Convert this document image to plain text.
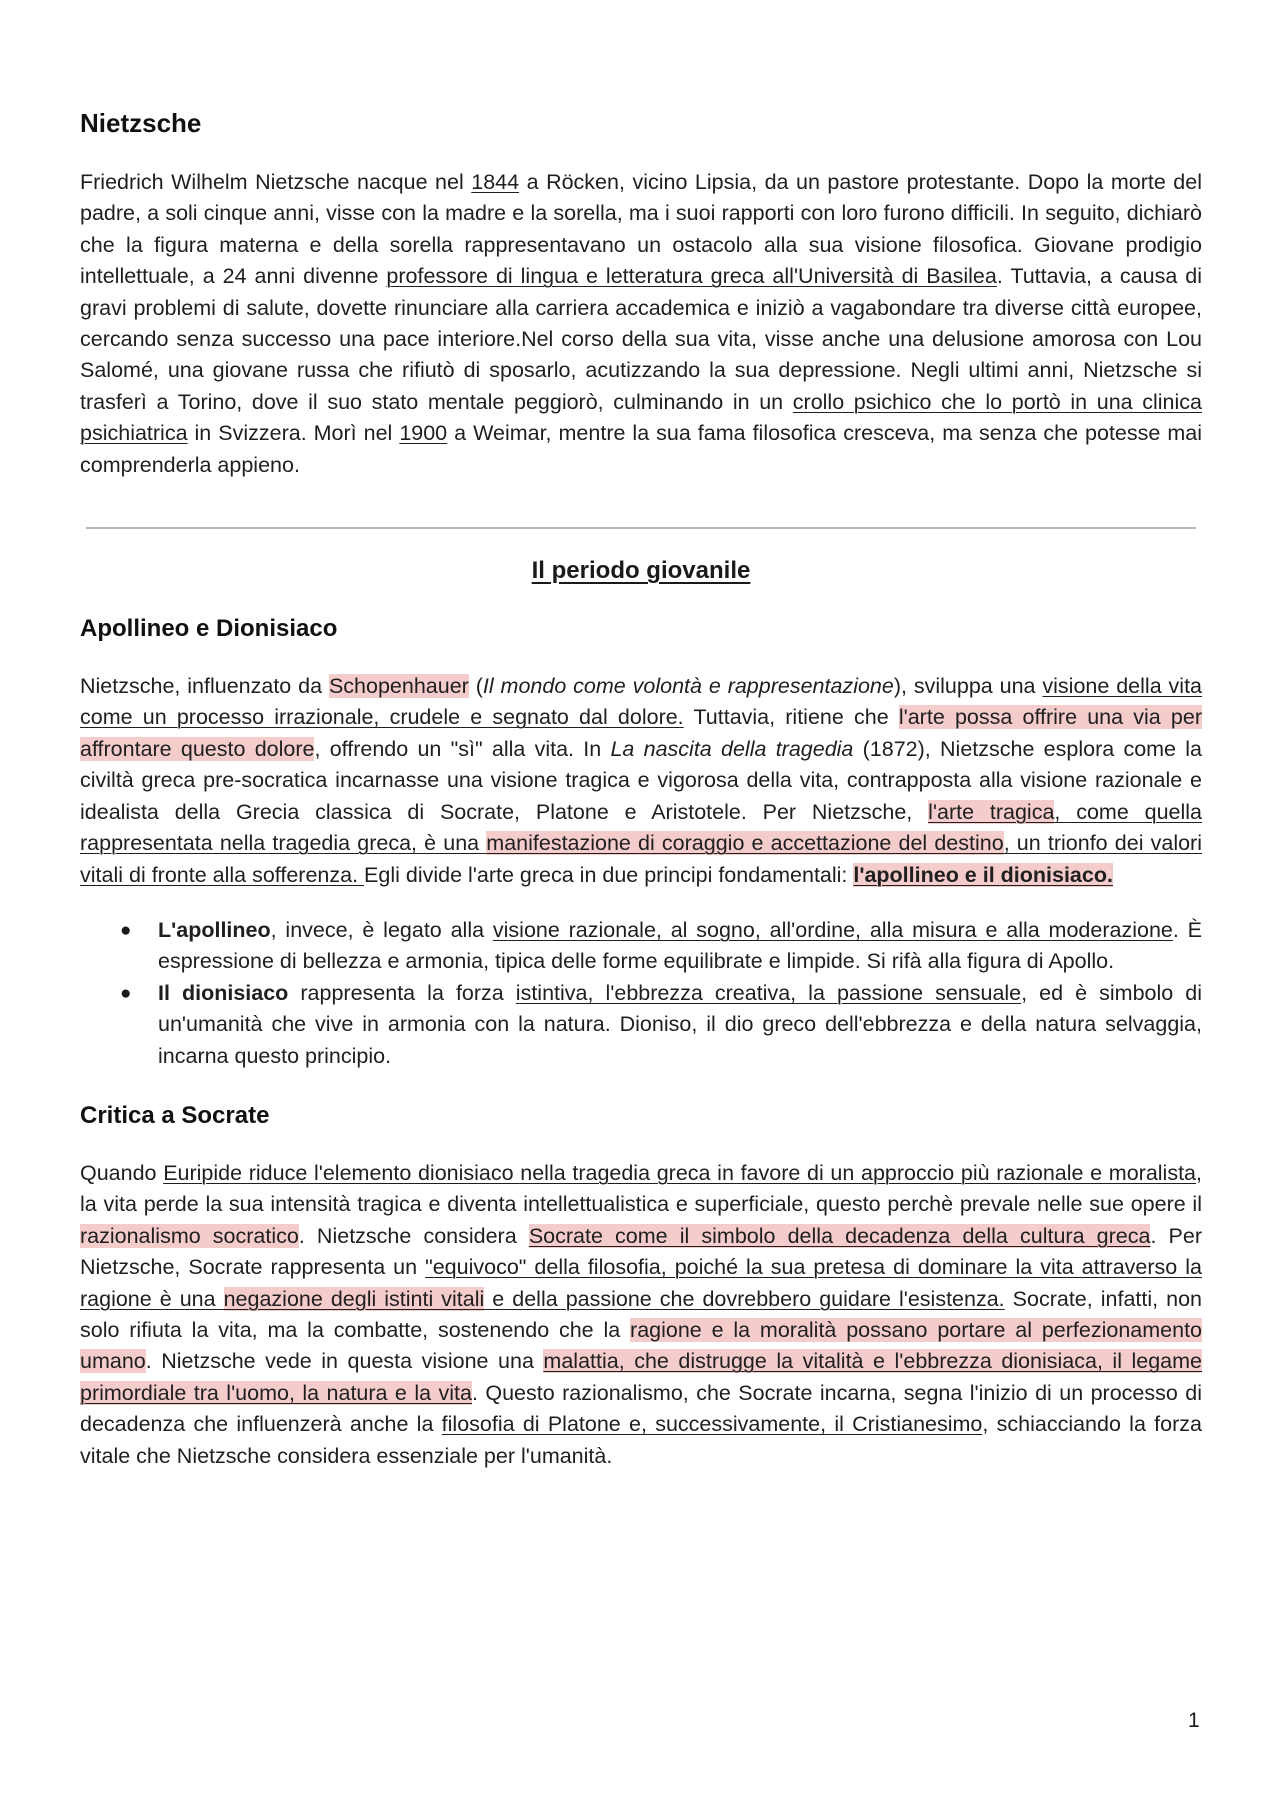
Nietzsche

Friedrich Wilhelm Nietzsche nacque nel 1844 a Röcken, vicino Lipsia, da un pastore protestante. Dopo la morte del padre, a soli cinque anni, visse con la madre e la sorella, ma i suoi rapporti con loro furono difficili. In seguito, dichiarò che la figura materna e della sorella rappresentavano un ostacolo alla sua visione filosofica. Giovane prodigio intellettuale, a 24 anni divenne professore di lingua e letteratura greca all'Università di Basilea. Tuttavia, a causa di gravi problemi di salute, dovette rinunciare alla carriera accademica e iniziò a vagabondare tra diverse città europee, cercando senza successo una pace interiore.Nel corso della sua vita, visse anche una delusione amorosa con Lou Salomé, una giovane russa che rifiutò di sposarlo, acutizzando la sua depressione. Negli ultimi anni, Nietzsche si trasferì a Torino, dove il suo stato mentale peggiorò, culminando in un crollo psichico che lo portò in una clinica psichiatrica in Svizzera. Morì nel 1900 a Weimar, mentre la sua fama filosofica cresceva, ma senza che potesse mai comprenderla appieno.

Il periodo giovanile
Apollineo e Dionisiaco

Nietzsche, influenzato da Schopenhauer (Il mondo come volontà e rappresentazione), sviluppa una visione della vita come un processo irrazionale, crudele e segnato dal dolore. Tuttavia, ritiene che l'arte possa offrire una via per affrontare questo dolore, offrendo un "sì" alla vita. In La nascita della tragedia (1872), Nietzsche esplora come la civiltà greca pre-socratica incarnasse una visione tragica e vigorosa della vita, contrapposta alla visione razionale e idealista della Grecia classica di Socrate, Platone e Aristotele. Per Nietzsche, l'arte tragica, come quella rappresentata nella tragedia greca, è una manifestazione di coraggio e accettazione del destino, un trionfo dei valori vitali di fronte alla sofferenza. Egli divide l'arte greca in due principi fondamentali: l'apollineo e il dionisiaco.

● L'apollineo, invece, è legato alla visione razionale, al sogno, all'ordine, alla misura e alla moderazione. È espressione di bellezza e armonia, tipica delle forme equilibrate e limpide. Si rifà alla figura di Apollo.

● Il dionisiaco rappresenta la forza istintiva, l'ebbrezza creativa, la passione sensuale, ed è simbolo di un'umanità che vive in armonia con la natura. Dioniso, il dio greco dell'ebbrezza e della natura selvaggia, incarna questo principio.

Critica a Socrate

Quando Euripide riduce l'elemento dionisiaco nella tragedia greca in favore di un approccio più razionale e moralista, la vita perde la sua intensità tragica e diventa intellettualistica e superficiale, questo perchè prevale nelle sue opere il razionalismo socratico. Nietzsche considera Socrate come il simbolo della decadenza della cultura greca. Per Nietzsche, Socrate rappresenta un "equivoco" della filosofia, poiché la sua pretesa di dominare la vita attraverso la ragione è una negazione degli istinti vitali e della passione che dovrebbero guidare l'esistenza. Socrate, infatti, non solo rifiuta la vita, ma la combatte, sostenendo che la ragione e la moralità possano portare al perfezionamento umano. Nietzsche vede in questa visione una malattia, che distrugge la vitalità e l'ebbrezza dionisiaca, il legame primordiale tra l'uomo, la natura e la vita. Questo razionalismo, che Socrate incarna, segna l'inizio di un processo di decadenza che influenzerà anche la filosofia di Platone e, successivamente, il Cristianesimo, schiacciando la forza vitale che Nietzsche considera essenziale per l'umanità.

1
